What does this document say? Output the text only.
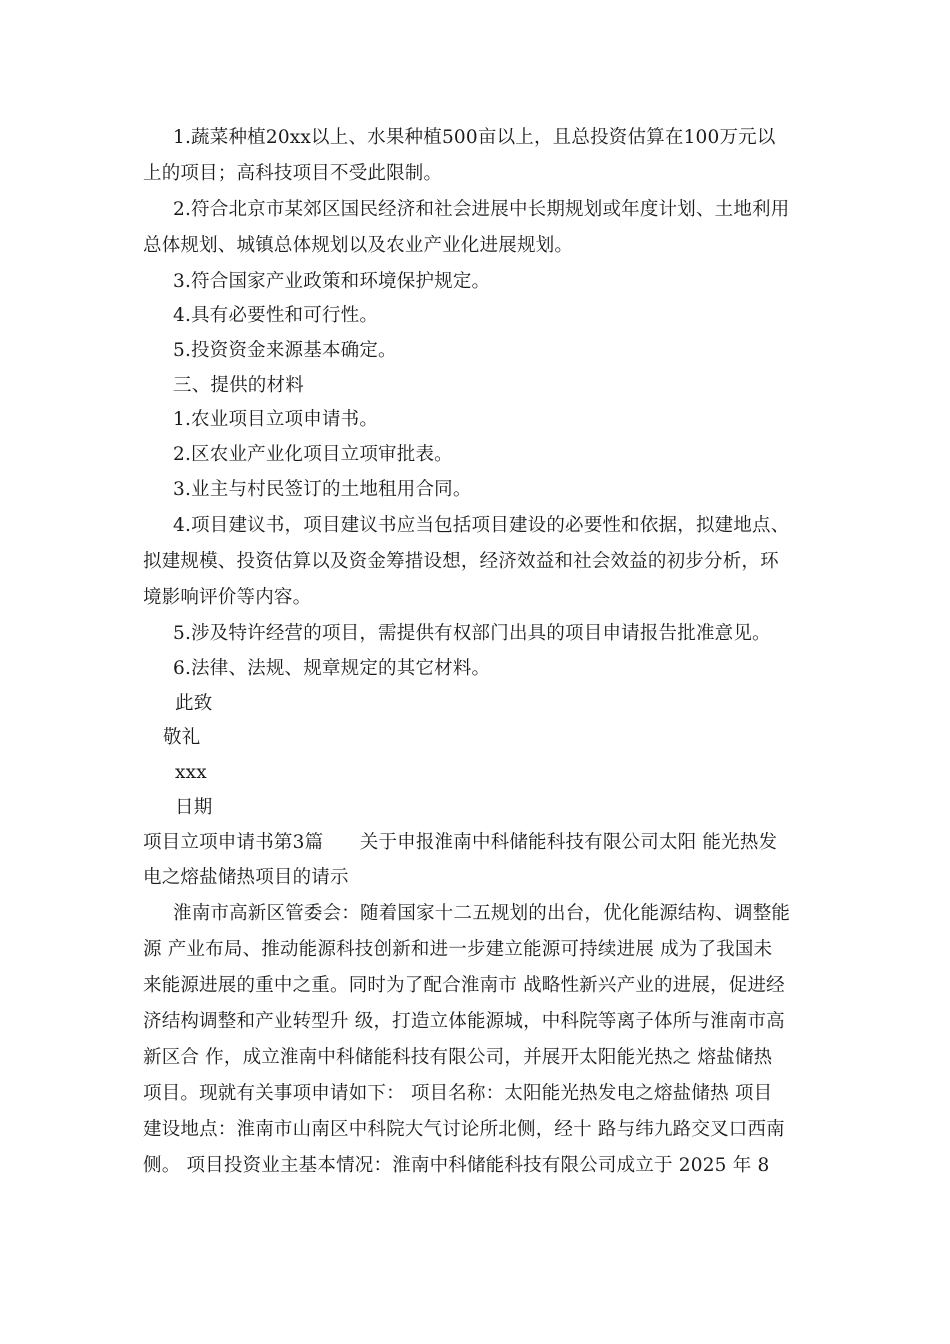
1.蔬菜种植20xx以上、水果种植500亩以上，且总投资估算在100万元以
上的项目；高科技项目不受此限制。
2.符合北京市某郊区国民经济和社会进展中长期规划或年度计划、土地利用
总体规划、城镇总体规划以及农业产业化进展规划。
3.符合国家产业政策和环境保护规定。
4.具有必要性和可行性。
5.投资资金来源基本确定。
三、提供的材料
1.农业项目立项申请书。
2.区农业产业化项目立项审批表。
3.业主与村民签订的土地租用合同。
4.项目建议书，项目建议书应当包括项目建设的必要性和依据，拟建地点、
拟建规模、投资估算以及资金筹措设想，经济效益和社会效益的初步分析，环
境影响评价等内容。
5.涉及特许经营的项目，需提供有权部门出具的项目申请报告批准意见。
6.法律、法规、规章规定的其它材料。
此致
敬礼
xxx
日期
项目立项申请书第3篇      关于申报淮南中科储能科技有限公司太阳 能光热发
电之熔盐储热项目的请示
淮南市高新区管委会：随着国家十二五规划的出台，优化能源结构、调整能
源 产业布局、推动能源科技创新和进一步建立能源可持续进展 成为了我国未
来能源进展的重中之重。同时为了配合淮南市 战略性新兴产业的进展，促进经
济结构调整和产业转型升 级，打造立体能源城，中科院等离子体所与淮南市高
新区合 作，成立淮南中科储能科技有限公司，并展开太阳能光热之 熔盐储热
项目。现就有关事项申请如下： 项目名称：太阳能光热发电之熔盐储热 项目
建设地点：淮南市山南区中科院大气讨论所北侧，经十 路与纬九路交叉口西南
侧。 项目投资业主基本情况：淮南中科储能科技有限公司成立于 2025 年 8
